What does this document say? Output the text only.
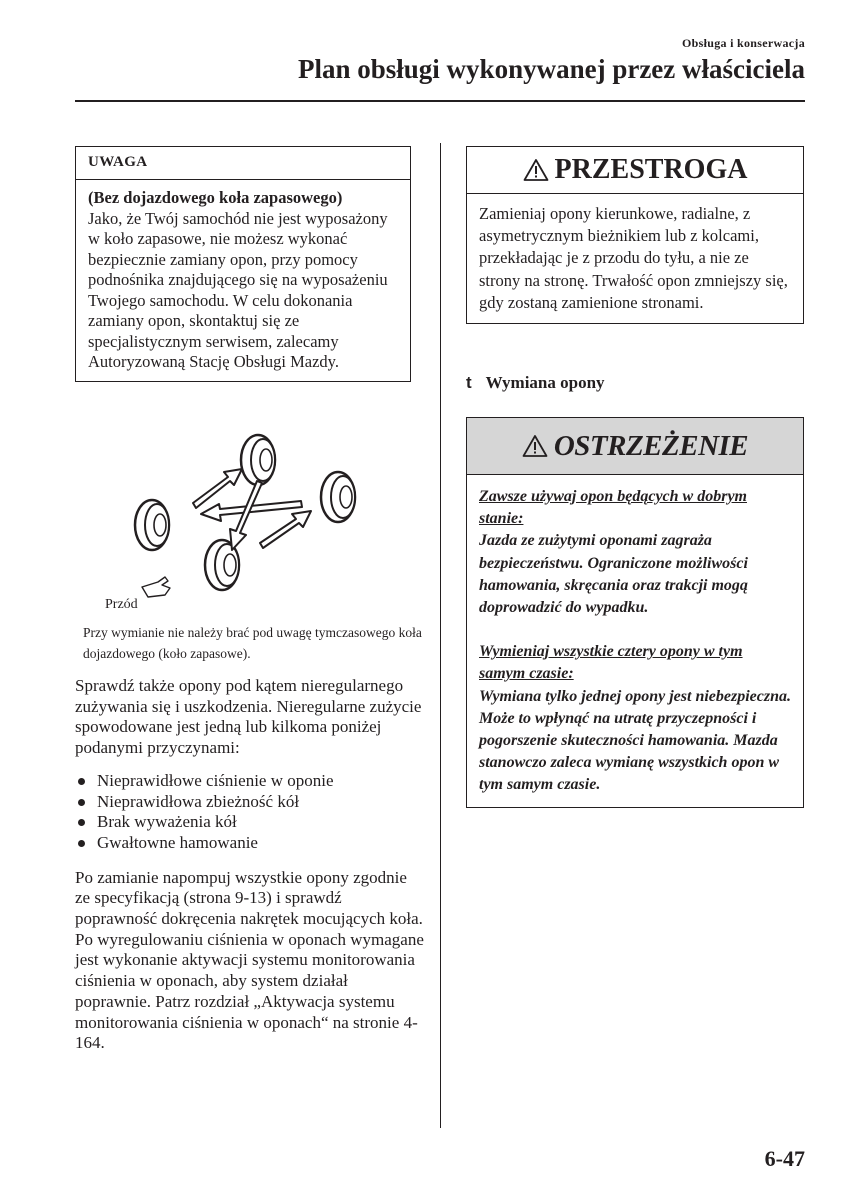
Obsługa i konserwacja
Plan obsługi wykonywanej przez właściciela
UWAGA
(Bez dojazdowego koła zapasowego)
Jako, że Twój samochód nie jest wyposażony w koło zapasowe, nie możesz wykonać bezpiecznie zamiany opon, przy pomocy podnośnika znajdującego się na wyposażeniu Twojego samochodu. W celu dokonania zamiany opon, skontaktuj się ze specjalistycznym serwisem, zalecamy Autoryzowaną Stację Obsługi Mazdy.
Przód
Przy wymianie nie należy brać pod uwagę tymczasowego koła dojazdowego (koło zapasowe).

Sprawdź także opony pod kątem nieregularnego zużywania się i uszkodzenia. Nieregularne zużycie spowodowane jest jedną lub kilkoma poniżej podanymi przyczynami:

Nieprawidłowe ciśnienie w oponie
Nieprawidłowa zbieżność kół
Brak wyważenia kół
Gwałtowne hamowanie

Po zamianie napompuj wszystkie opony zgodnie ze specyfikacją (strona 9-13) i sprawdź poprawność dokręcenia nakrętek mocujących koła.

Po wyregulowaniu ciśnienia w oponach wymagane jest wykonanie aktywacji systemu monitorowania ciśnienia w oponach, aby system działał poprawnie. Patrz rozdział „Aktywacja systemu monitorowania ciśnienia w oponach“ na stronie 4-164.

PRZESTROGA
Zamieniaj opony kierunkowe, radialne, z asymetrycznym bieżnikiem lub z kolcami, przekładając je z przodu do tyłu, a nie ze strony na stronę. Trwałość opon zmniejszy się, gdy zostaną zamienione stronami.
t Wymiana opony
OSTRZEŻENIE

Zawsze używaj opon będących w dobrym stanie:

Jazda ze zużytymi oponami zagraża bezpieczeństwu. Ograniczone możliwości hamowania, skręcania oraz trakcji mogą doprowadzić do wypadku.

Wymieniaj wszystkie cztery opony w tym samym czasie:

Wymiana tylko jednej opony jest niebezpieczna. Może to wpłynąć na utratę przyczepności i pogorszenie skuteczności hamowania. Mazda stanowczo zaleca wymianę wszystkich opon w tym samym czasie.

6-47
